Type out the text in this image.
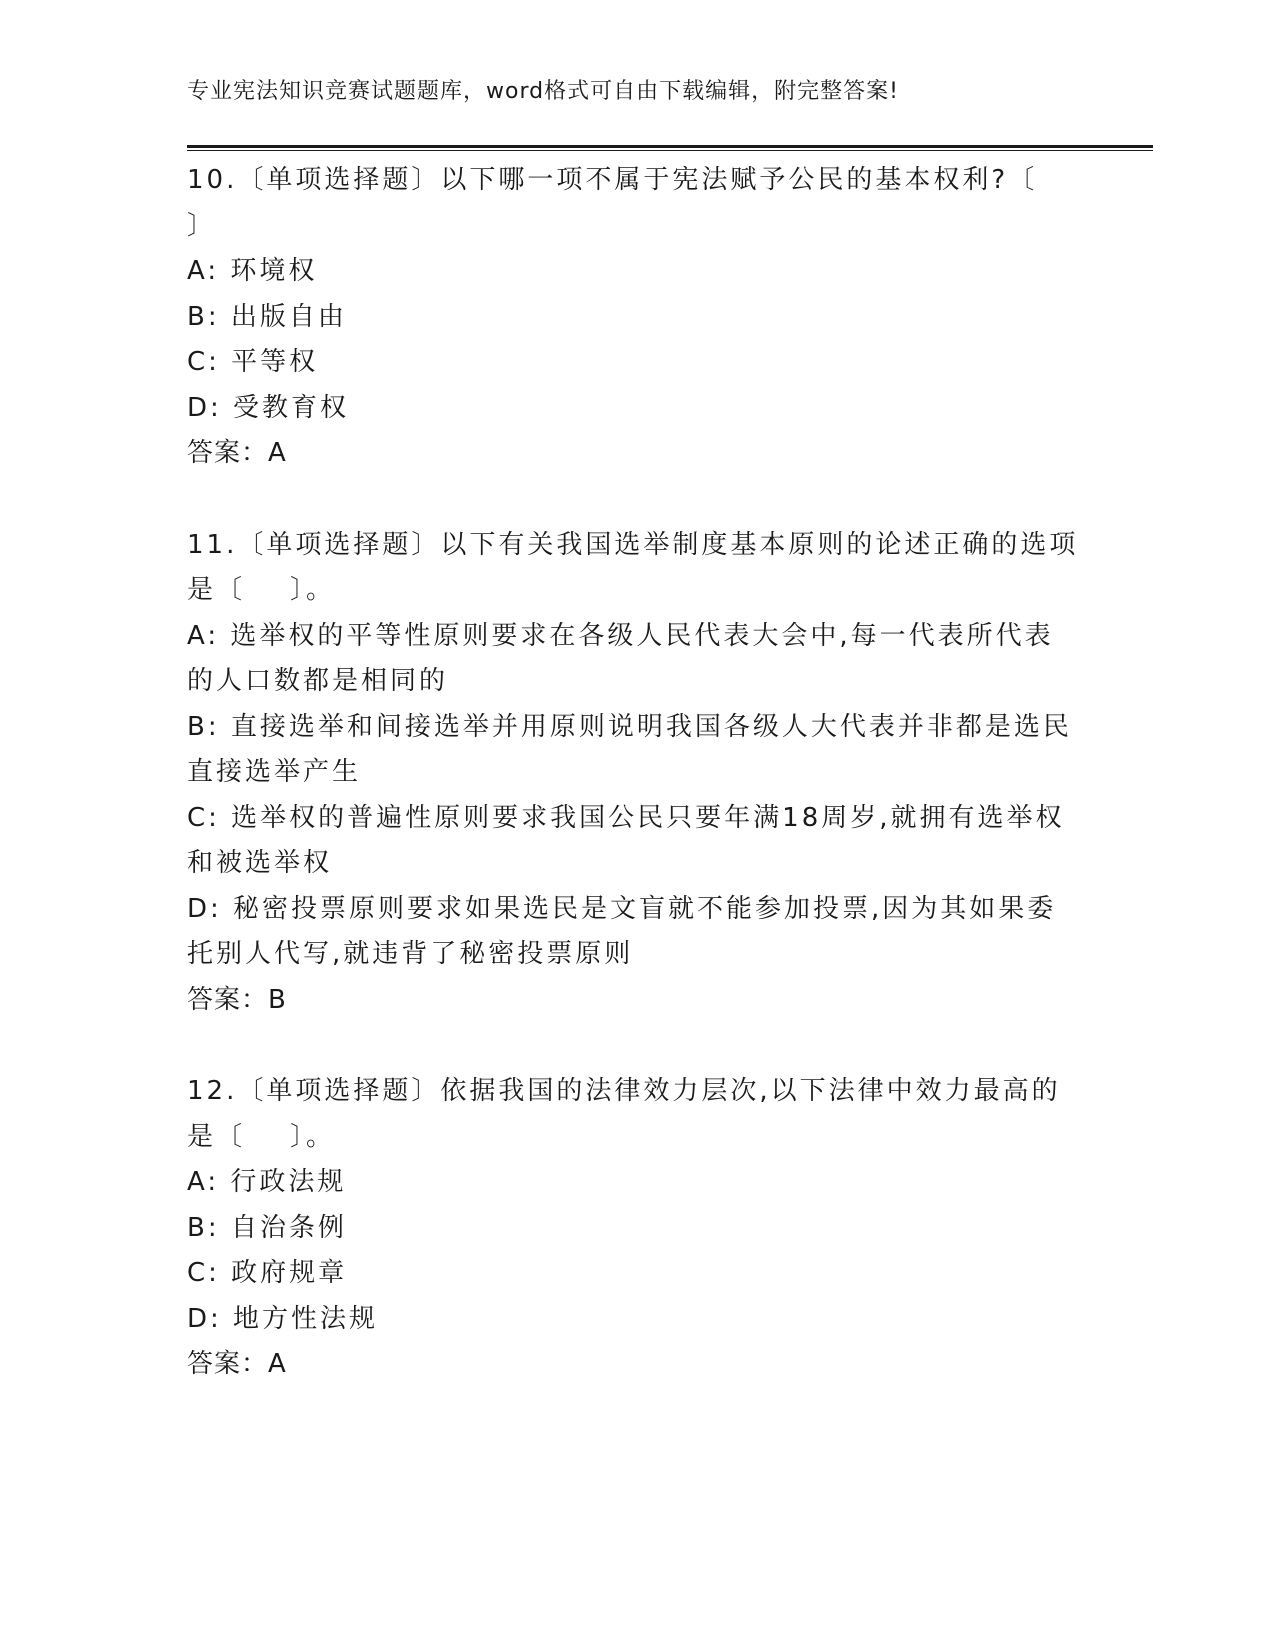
专业宪法知识竞赛试题题库，word格式可自由下载编辑，附完整答案!
10.〔单项选择题〕以下哪一项不属于宪法赋予公民的基本权利?〔
〕
A: 环境权
B: 出版自由
C: 平等权
D: 受教育权
答案：A
11.〔单项选择题〕以下有关我国选举制度基本原则的论述正确的选项
是〔    〕。
A: 选举权的平等性原则要求在各级人民代表大会中,每一代表所代表
的人口数都是相同的
B: 直接选举和间接选举并用原则说明我国各级人大代表并非都是选民
直接选举产生
C: 选举权的普遍性原则要求我国公民只要年满18周岁,就拥有选举权
和被选举权
D: 秘密投票原则要求如果选民是文盲就不能参加投票,因为其如果委
托别人代写,就违背了秘密投票原则
答案：B
12.〔单项选择题〕依据我国的法律效力层次,以下法律中效力最高的
是〔    〕。
A: 行政法规
B: 自治条例
C: 政府规章
D: 地方性法规
答案：A
